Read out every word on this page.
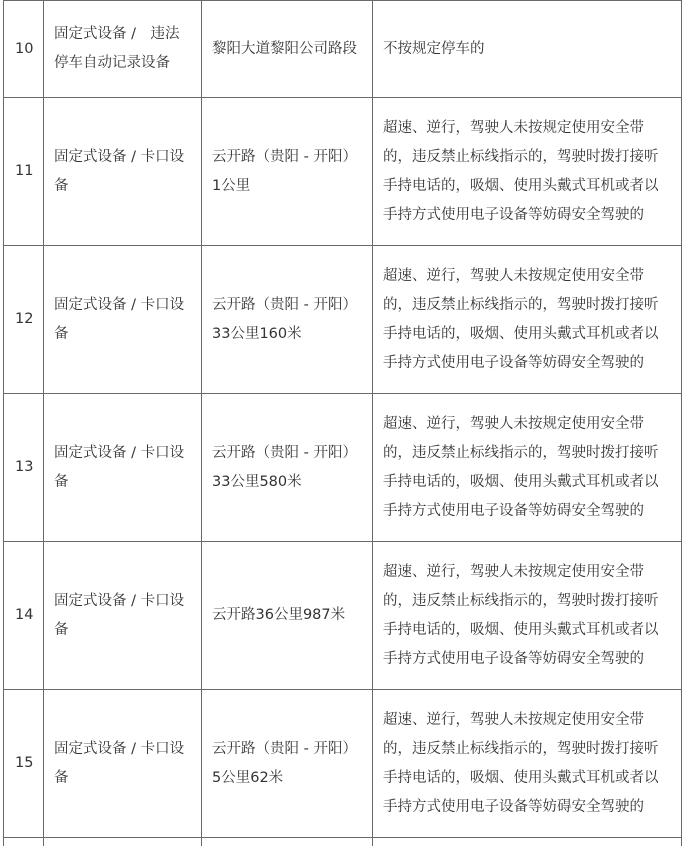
10	固定式设备 /　违法停车自动记录设备	黎阳大道黎阳公司路段	不按规定停车的
11	固定式设备 / 卡口设备	云开路（贵阳 - 开阳）1公里	超速、逆行，驾驶人未按规定使用安全带的，违反禁止标线指示的，驾驶时拨打接听手持电话的，吸烟、使用头戴式耳机或者以手持方式使用电子设备等妨碍安全驾驶的
12	固定式设备 / 卡口设备	云开路（贵阳 - 开阳）33公里160米	超速、逆行，驾驶人未按规定使用安全带的，违反禁止标线指示的，驾驶时拨打接听手持电话的，吸烟、使用头戴式耳机或者以手持方式使用电子设备等妨碍安全驾驶的
13	固定式设备 / 卡口设备	云开路（贵阳 - 开阳）33公里580米	超速、逆行，驾驶人未按规定使用安全带的，违反禁止标线指示的，驾驶时拨打接听手持电话的，吸烟、使用头戴式耳机或者以手持方式使用电子设备等妨碍安全驾驶的
14	固定式设备 / 卡口设备	云开路36公里987米	超速、逆行，驾驶人未按规定使用安全带的，违反禁止标线指示的，驾驶时拨打接听手持电话的，吸烟、使用头戴式耳机或者以手持方式使用电子设备等妨碍安全驾驶的
15	固定式设备 / 卡口设备	云开路（贵阳 - 开阳）5公里62米	超速、逆行，驾驶人未按规定使用安全带的，违反禁止标线指示的，驾驶时拨打接听手持电话的，吸烟、使用头戴式耳机或者以手持方式使用电子设备等妨碍安全驾驶的
